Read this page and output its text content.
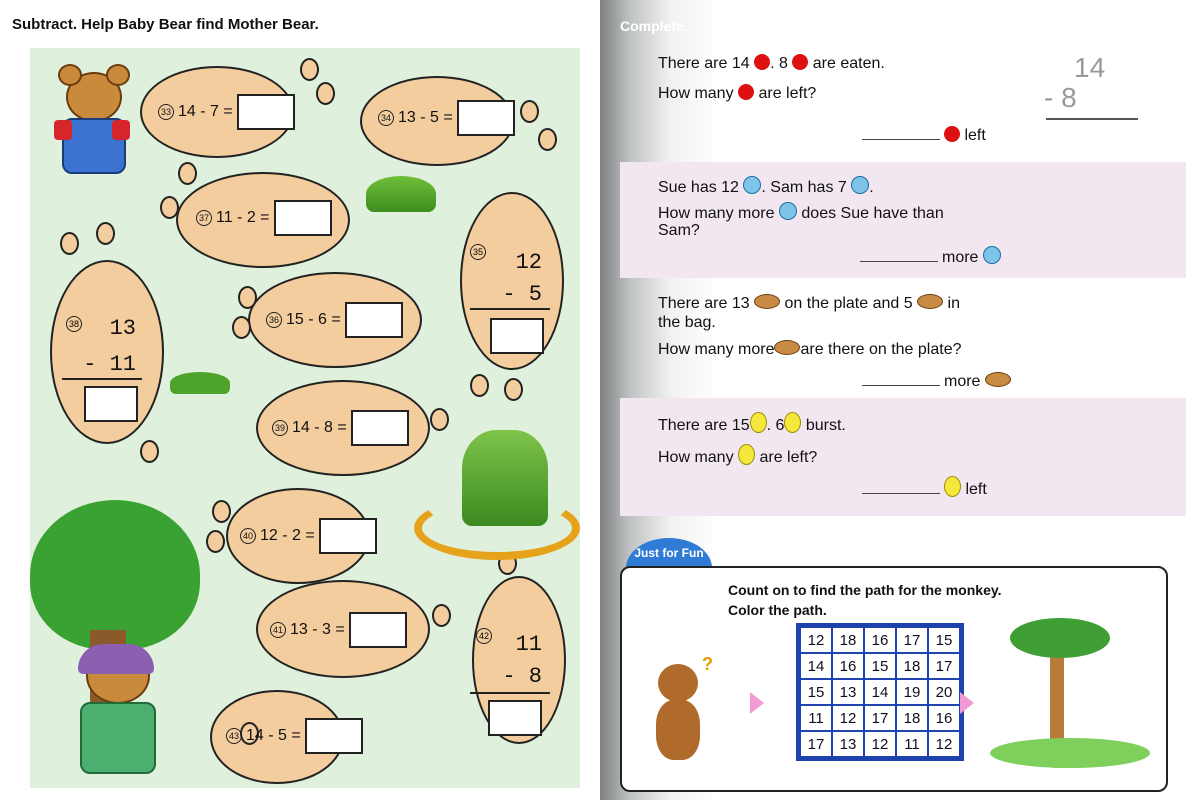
Subtract. Help Baby Bear find Mother Bear.
33 14 - 7 =	34 13 - 5 =
37 11 - 2 =
36 15 - 6 =
39 14 - 8 =
40 12 - 2 =
41 13 - 3 =
43 14 - 5 =
38	13
- 11
35	12
- 5
42	11
- 8
Complete.
There are 14 . 8 are eaten.
How many are left?
left
14
- 8
Sue has 12 . Sam has 7 .
How many more does Sue have than
Sam?
more
There are 13 on the plate and 5 in
the bag.
How many more are there on the plate?
more
There are 15 . 6 burst.
How many are left?
left
Just for Fun
Count on to find the path for the monkey.
Color the path.
?
12	18	16	17	15
14	16	15	18	17
15	13	14	19	20
11	12	17	18	16
17	13	12	11	12
